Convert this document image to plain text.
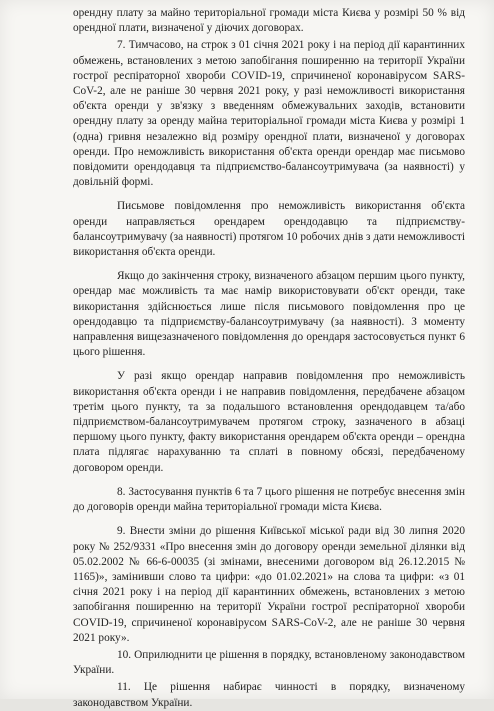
орендну плату за майно територіальної громади міста Києва у розмірі 50 % від орендної плати, визначеної у діючих договорах.

7. Тимчасово, на строк з 01 січня 2021 року і на період дії карантинних обмежень, встановлених з метою запобігання поширенню на території України гострої респіраторної хвороби COVID-19, спричиненої коронавірусом SARS-CoV-2, але не раніше 30 червня 2021 року, у разі неможливості використання об'єкта оренди у зв'язку з введенням обмежувальних заходів, встановити орендну плату за оренду майна територіальної громади міста Києва у розмірі 1 (одна) гривня незалежно від розміру орендної плати, визначеної у договорах оренди. Про неможливість використання об'єкта оренди орендар має письмово повідомити орендодавця та підприємство-балансоутримувача (за наявності) у довільній формі.

Письмове повідомлення про неможливість використання об'єкта оренди направляється орендарем орендодавцю та підприємству-балансоутримувачу (за наявності) протягом 10 робочих днів з дати неможливості використання об'єкта оренди.

Якщо до закінчення строку, визначеного абзацом першим цього пункту, орендар має можливість та має намір використовувати об'єкт оренди, таке використання здійснюється лише після письмового повідомлення про це орендодавцю та підприємству-балансоутримувачу (за наявності). З моменту направлення вищезазначеного повідомлення до орендаря застосовується пункт 6 цього рішення.

У разі якщо орендар направив повідомлення про неможливість використання об'єкта оренди і не направив повідомлення, передбачене абзацом третім цього пункту, та за подальшого встановлення орендодавцем та/або підприємством-балансоутримувачем протягом строку, зазначеного в абзаці першому цього пункту, факту використання орендарем об'єкта оренди – орендна плата підлягає нарахуванню та сплаті в повному обсязі, передбаченому договором оренди.

8. Застосування пунктів 6 та 7 цього рішення не потребує внесення змін до договорів оренди майна територіальної громади міста Києва.

9. Внести зміни до рішення Київської міської ради від 30 липня 2020 року № 252/9331 «Про внесення змін до договору оренди земельної ділянки від 05.02.2002 № 66-6-00035 (зі змінами, внесеними договором від 26.12.2015 № 1165)», замінивши слово та цифри: «до 01.02.2021» на слова та цифри: «з 01 січня 2021 року і на період дії карантинних обмежень, встановлених з метою запобігання поширенню на території України гострої респіраторної хвороби COVID-19, спричиненої коронавірусом SARS-CoV-2, але не раніше 30 червня 2021 року».

10. Оприлюднити це рішення в порядку, встановленому законодавством України.

11. Це рішення набирає чинності в порядку, визначеному законодавством України.
